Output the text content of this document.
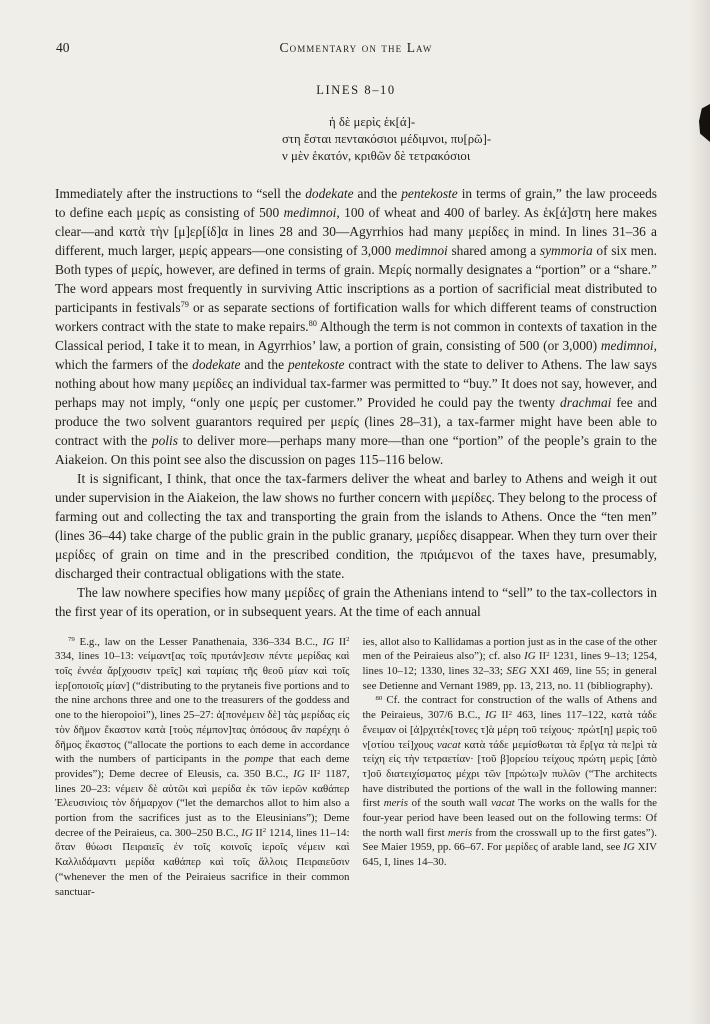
40	Commentary on the Law
LINES 8–10
ἡ δὲ μερὶς ἑκ[ά]-
στη ἔσται πεντακόσιοι μέδιμνοι, πυ[ρῶ]-
ν μὲν ἑκατόν, κριθῶν δὲ τετρακόσιοι

Immediately after the instructions to “sell the dodekate and the pentekoste in terms of grain,” the law proceeds to define each μερίς as consisting of 500 medimnoi, 100 of wheat and 400 of barley. As ἑκ[ά]στη here makes clear—and κατὰ τὴν [μ]ερ[ίδ]α in lines 28 and 30—Agyrrhios had many μερίδες in mind. In lines 31–36 a different, much larger, μερίς appears—one consisting of 3,000 medimnoi shared among a symmoria of six men. Both types of μερίς, however, are defined in terms of grain. Μερίς normally designates a “portion” or a “share.” The word appears most frequently in surviving Attic inscriptions as a portion of sacrificial meat distributed to participants in festivals$^{79}$ or as separate sections of fortification walls for which different teams of construction workers contract with the state to make repairs.$^{80}$ Although the term is not common in contexts of taxation in the Classical period, I take it to mean, in Agyrrhios’ law, a portion of grain, consisting of 500 (or 3,000) medimnoi, which the farmers of the dodekate and the pentekoste contract with the state to deliver to Athens. The law says nothing about how many μερίδες an individual tax-farmer was permitted to “buy.” It does not say, however, and perhaps may not imply, “only one μερίς per customer.” Provided he could pay the twenty drachmai fee and produce the two solvent guarantors required per μερίς (lines 28–31), a tax-farmer might have been able to contract with the polis to deliver more—perhaps many more—than one “portion” of the people’s grain to the Aiakeion. On this point see also the discussion on pages 115–116 below.

It is significant, I think, that once the tax-farmers deliver the wheat and barley to Athens and weigh it out under supervision in the Aiakeion, the law shows no further concern with μερίδες. They belong to the process of farming out and collecting the tax and transporting the grain from the islands to Athens. Once the “ten men” (lines 36–44) take charge of the public grain in the public granary, μερίδες disappear. When they turn over their μερίδες of grain on time and in the prescribed condition, the πριάμενοι of the taxes have, presumably, discharged their contractual obligations with the state.

The law nowhere specifies how many μερίδες of grain the Athenians intend to “sell” to the tax-collectors in the first year of its operation, or in subsequent years. At the time of each annual

$^{79}$ E.g., law on the Lesser Panathenaia, 336–334 B.C., IG $II^2$ 334, lines 10–13: νείμαντ[ας τοῖς πρυτάν]εσιν πέντε μερίδας καὶ τοῖς ἐννέα ἄρ[χουσιν τρεῖς] καὶ ταμίαις τῆς θεοῦ μίαν καὶ τοῖς ἱερ[οποιοῖς μίαν] (“distributing to the prytaneis five portions and to the nine archons three and one to the treasurers of the goddess and one to the hieropoioi”), lines 25–27: ἀ[πονέμειν δὲ] τὰς μερίδας εἰς τὸν δῆμον ἕκαστον κατὰ [τοὺς πέμπον]τας ὁπόσους ἂν παρέχηι ὁ δῆμος ἕκαστος (“allocate the portions to each deme in accordance with the numbers of participants in the pompe that each deme provides”); Deme decree of Eleusis, ca. 350 B.C., IG $II^2$ 1187, lines 20–23: νέμειν δὲ αὐτῶι καὶ μερίδα ἐκ τῶν ἱερῶν καθάπερ Ἐλευσινίοις τὸν δήμαρχον (“let the demarchos allot to him also a portion from the sacrifices just as to the Eleusinians”); Deme decree of the Peiraieus, ca. 300–250 B.C., IG $II^2$ 1214, lines 11–14: ὅταν θύωσι Πειραιεῖς ἐν τοῖς κοινοῖς ἱεροῖς νέμειν καὶ Καλλιδάμαντι μερίδα καθάπερ καὶ τοῖς ἄλλοις Πειραιεῦσιν (“whenever the men of the Peiraieus sacrifice in their common sanctuar-

ies, allot also to Kallidamas a portion just as in the case of the other men of the Peiraieus also”); cf. also IG $II^2$ 1231, lines 9–13; 1254, lines 10–12; 1330, lines 32–33; SEG XXI 469, line 55; in general see Detienne and Vernant 1989, pp. 13, 213, no. 11 (bibliography).

$^{80}$ Cf. the contract for construction of the walls of Athens and the Peiraieus, 307/6 B.C., IG $II^2$ 463, lines 117–122, κατὰ τάδε ἔνειμαν οἱ [ἀ]ρχιτέκ[τονες τ]ὰ μέρη τοῦ τείχους· πρώτ[η] μερὶς τοῦ ν[οτίου τεί]χους vacat κατὰ τάδε μεμίσθωται τὰ ἔρ[γα τὰ πε]ρὶ τὰ τείχη εἰς τὴν τετραετίαν· [τοῦ β]ορείου τείχους πρώτη μερὶς [ἀπὸ τ]οῦ διατειχίσματος μέχρι τῶν [πρώτω]ν πυλῶν (“The architects have distributed the portions of the wall in the following manner: first meris of the south wall vacat The works on the walls for the four-year period have been leased out on the following terms: Of the north wall first meris from the crosswall up to the first gates”). See Maier 1959, pp. 66–67. For μερίδες of arable land, see IG XIV 645, I, lines 14–30.
